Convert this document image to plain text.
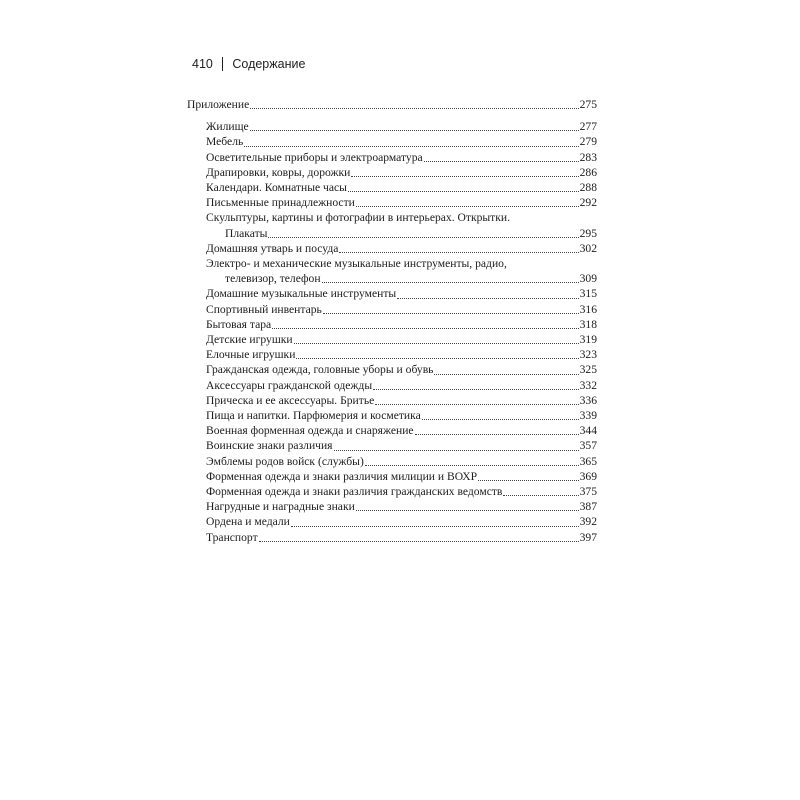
410 Содержание
Приложение	275
Жилище	277
Мебель	279
Осветительные приборы и электроарматура	283
Драпировки, ковры, дорожки	286
Календари. Комнатные часы	288
Письменные принадлежности	292
Скульптуры, картины и фотографии в интерьерах. Открытки.
Плакаты	295
Домашняя утварь и посуда	302
Электро- и механические музыкальные инструменты, радио,
телевизор, телефон	309
Домашние музыкальные инструменты	315
Спортивный инвентарь	316
Бытовая тара	318
Детские игрушки	319
Елочные игрушки	323
Гражданская одежда, головные уборы и обувь	325
Аксессуары гражданской одежды	332
Прическа и ее аксессуары. Бритье	336
Пища и напитки. Парфюмерия и косметика	339
Военная форменная одежда и снаряжение	344
Воинские знаки различия	357
Эмблемы родов войск (службы)	365
Форменная одежда и знаки различия милиции и ВОХР	369
Форменная одежда и знаки различия гражданских ведомств	375
Нагрудные и наградные знаки	387
Ордена и медали	392
Транспорт	397
